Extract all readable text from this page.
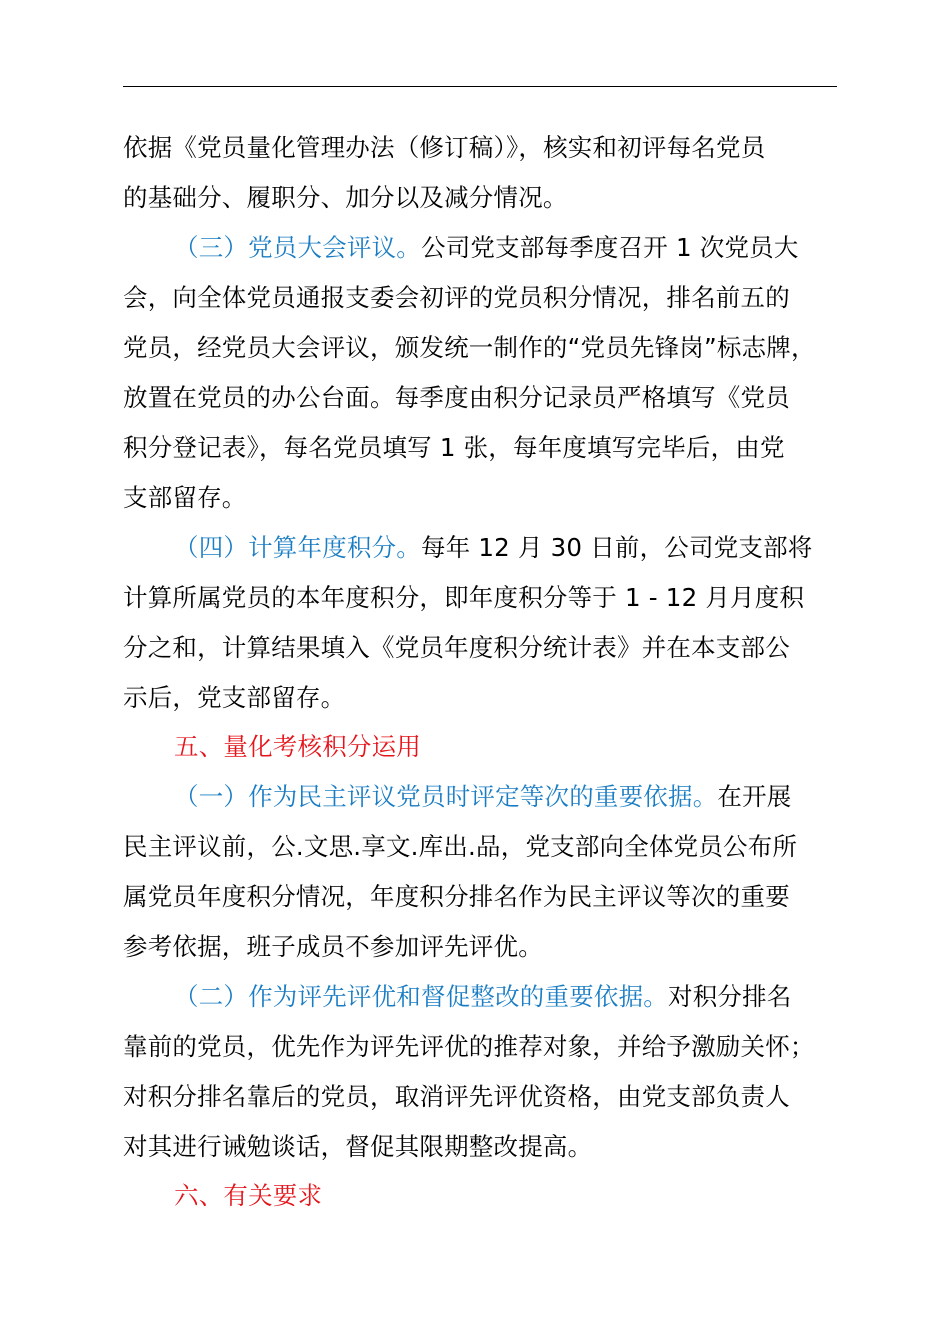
依据《党员量化管理办法（修订稿）》，核实和初评每名党员
的基础分、履职分、加分以及减分情况。
（三）党员大会评议。公司党支部每季度召开 1 次党员大
会，向全体党员通报支委会初评的党员积分情况，排名前五的
党员，经党员大会评议，颁发统一制作的“党员先锋岗”标志牌，
放置在党员的办公台面。每季度由积分记录员严格填写《党员
积分登记表》，每名党员填写 1 张，每年度填写完毕后，由党
支部留存。
（四）计算年度积分。每年 12 月 30 日前，公司党支部将
计算所属党员的本年度积分，即年度积分等于 1 - 12 月月度积
分之和，计算结果填入《党员年度积分统计表》并在本支部公
示后，党支部留存。
五、量化考核积分运用
（一）作为民主评议党员时评定等次的重要依据。在开展
民主评议前，公.文思.享文.库出.品，党支部向全体党员公布所
属党员年度积分情况，年度积分排名作为民主评议等次的重要
参考依据，班子成员不参加评先评优。
（二）作为评先评优和督促整改的重要依据。对积分排名
靠前的党员，优先作为评先评优的推荐对象，并给予激励关怀；
对积分排名靠后的党员，取消评先评优资格，由党支部负责人
对其进行诫勉谈话，督促其限期整改提高。
六、有关要求
